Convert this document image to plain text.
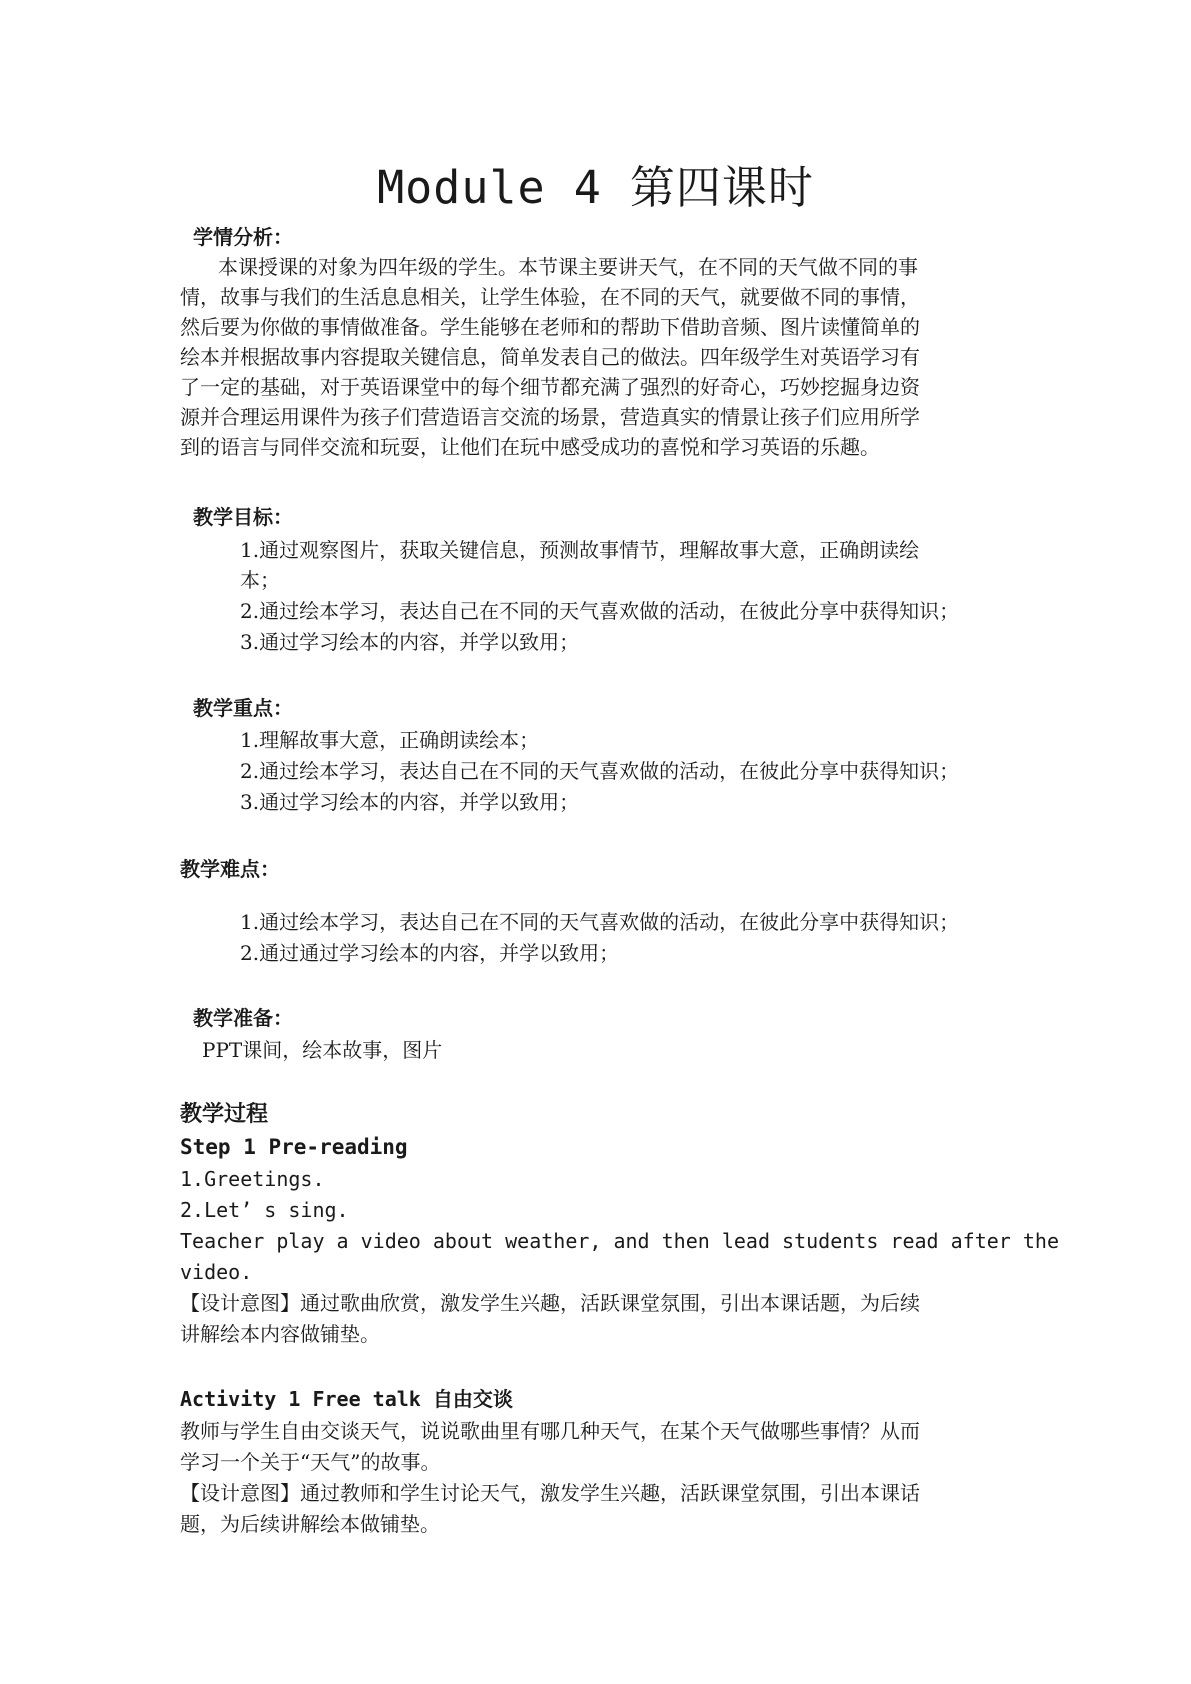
Module 4 第四课时
学情分析：
本课授课的对象为四年级的学生。本节课主要讲天气，在不同的天气做不同的事
情，故事与我们的生活息息相关，让学生体验，在不同的天气，就要做不同的事情，
然后要为你做的事情做准备。学生能够在老师和的帮助下借助音频、图片读懂简单的
绘本并根据故事内容提取关键信息，简单发表自己的做法。四年级学生对英语学习有
了一定的基础，对于英语课堂中的每个细节都充满了强烈的好奇心，巧妙挖掘身边资
源并合理运用课件为孩子们营造语言交流的场景，营造真实的情景让孩子们应用所学
到的语言与同伴交流和玩耍，让他们在玩中感受成功的喜悦和学习英语的乐趣。
教学目标：
1.通过观察图片，获取关键信息，预测故事情节，理解故事大意，正确朗读绘
本；
2.通过绘本学习，表达自己在不同的天气喜欢做的活动，在彼此分享中获得知识；
3.通过学习绘本的内容，并学以致用；
教学重点：
1.理解故事大意，正确朗读绘本；
2.通过绘本学习，表达自己在不同的天气喜欢做的活动，在彼此分享中获得知识；
3.通过学习绘本的内容，并学以致用；
教学难点：
1.通过绘本学习，表达自己在不同的天气喜欢做的活动，在彼此分享中获得知识；
2.通过通过学习绘本的内容，并学以致用；
教学准备：
PPT课间，绘本故事，图片
教学过程
Step 1 Pre-reading
1.Greetings.
2.Let’ s sing.
Teacher play a video about weather, and then lead students read after the
video.
【设计意图】通过歌曲欣赏，激发学生兴趣，活跃课堂氛围，引出本课话题，为后续
讲解绘本内容做铺垫。
Activity 1 Free talk 自由交谈
教师与学生自由交谈天气，说说歌曲里有哪几种天气，在某个天气做哪些事情？从而
学习一个关于“天气”的故事。
【设计意图】通过教师和学生讨论天气，激发学生兴趣，活跃课堂氛围，引出本课话
题，为后续讲解绘本做铺垫。
